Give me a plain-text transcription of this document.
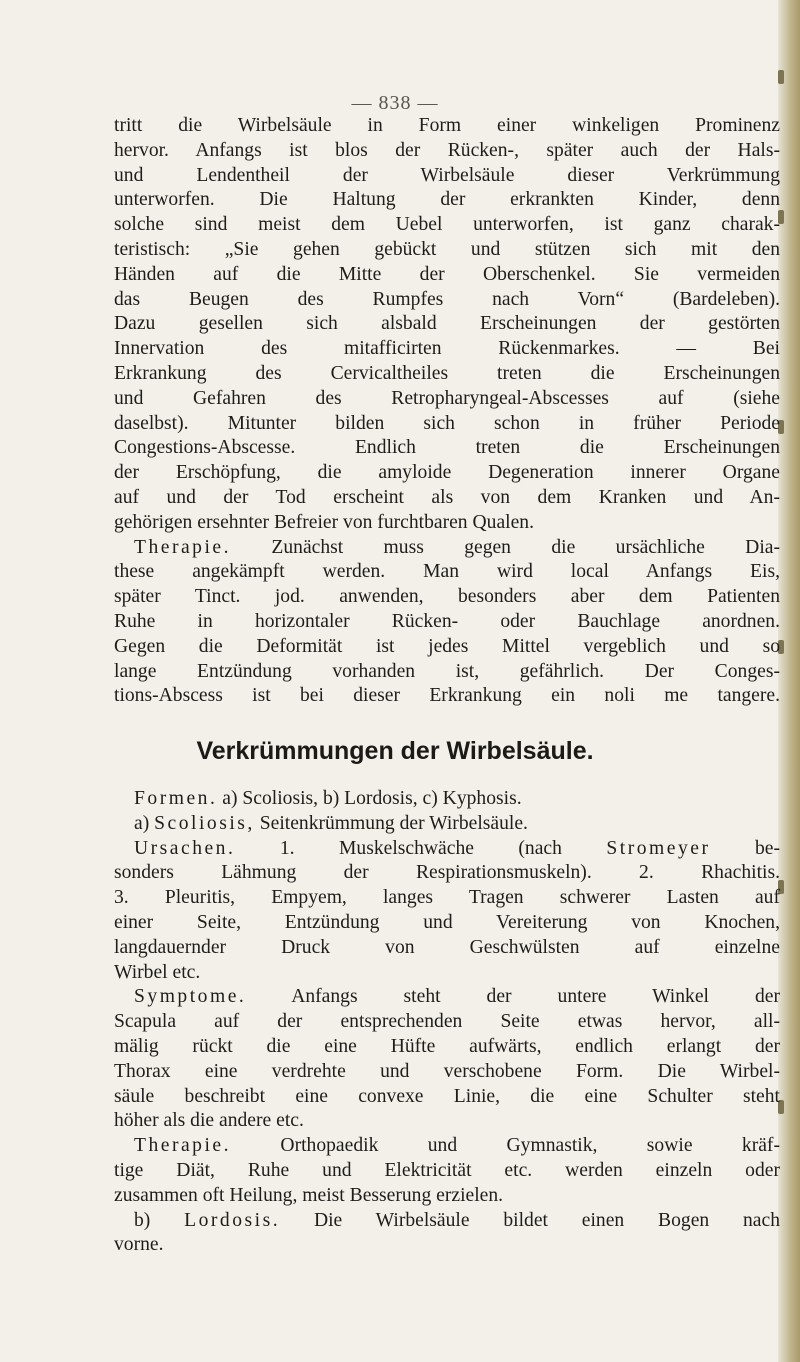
— 838 —
tritt die Wirbelsäule in Form einer winkeligen Prominenz
hervor. Anfangs ist blos der Rücken-, später auch der Hals-
und Lendentheil der Wirbelsäule dieser Verkrümmung
unterworfen. Die Haltung der erkrankten Kinder, denn
solche sind meist dem Uebel unterworfen, ist ganz charak-
teristisch: „Sie gehen gebückt und stützen sich mit den
Händen auf die Mitte der Oberschenkel. Sie vermeiden
das Beugen des Rumpfes nach Vorn“ (Bardeleben).
Dazu gesellen sich alsbald Erscheinungen der gestörten
Innervation des mitafficirten Rückenmarkes. — Bei
Erkrankung des Cervicaltheiles treten die Erscheinungen
und Gefahren des Retropharyngeal-Abscesses auf (siehe
daselbst). Mitunter bilden sich schon in früher Periode
Congestions-Abscesse. Endlich treten die Erscheinungen
der Erschöpfung, die amyloide Degeneration innerer Organe
auf und der Tod erscheint als von dem Kranken und An-
gehörigen ersehnter Befreier von furchtbaren Qualen.
Therapie. Zunächst muss gegen die ursächliche Dia-
these angekämpft werden. Man wird local Anfangs Eis,
später Tinct. jod. anwenden, besonders aber dem Patienten
Ruhe in horizontaler Rücken- oder Bauchlage anordnen.
Gegen die Deformität ist jedes Mittel vergeblich und so
lange Entzündung vorhanden ist, gefährlich. Der Conges-
tions-Abscess ist bei dieser Erkrankung ein noli me tangere.
Verkrümmungen der Wirbelsäule.
Formen. a) Scoliosis, b) Lordosis, c) Kyphosis.
a) Scoliosis, Seitenkrümmung der Wirbelsäule.
Ursachen. 1. Muskelschwäche (nach Stromeyer be-
sonders Lähmung der Respirationsmuskeln). 2. Rhachitis.
3. Pleuritis, Empyem, langes Tragen schwerer Lasten auf
einer Seite, Entzündung und Vereiterung von Knochen,
langdauernder Druck von Geschwülsten auf einzelne
Wirbel etc.
Symptome. Anfangs steht der untere Winkel der
Scapula auf der entsprechenden Seite etwas hervor, all-
mälig rückt die eine Hüfte aufwärts, endlich erlangt der
Thorax eine verdrehte und verschobene Form. Die Wirbel-
säule beschreibt eine convexe Linie, die eine Schulter steht
höher als die andere etc.
Therapie.	Orthopaedik und Gymnastik, sowie kräf-
tige Diät, Ruhe und Elektricität etc. werden einzeln oder
zusammen oft Heilung, meist Besserung erzielen.
b) Lordosis. Die Wirbelsäule bildet einen Bogen nach
vorne.
